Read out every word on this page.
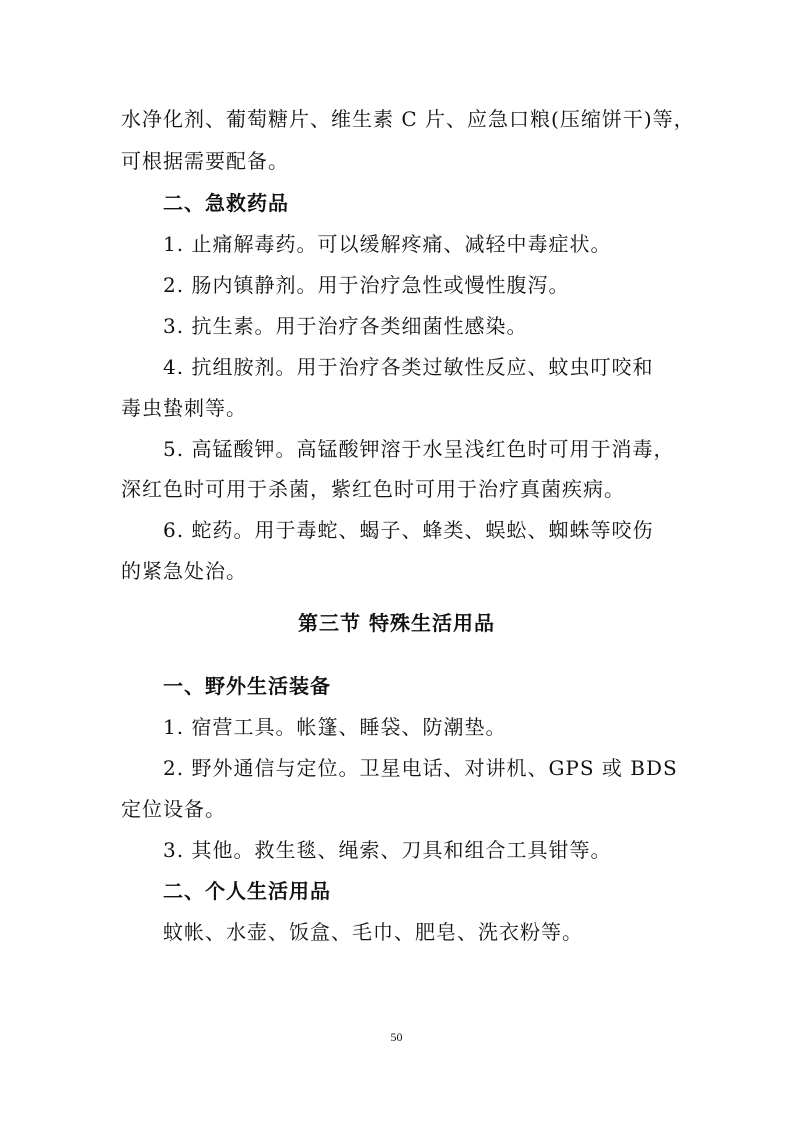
水净化剂、葡萄糖片、维生素 C 片、应急口粮(压缩饼干)等，
可根据需要配备。
二、急救药品
1. 止痛解毒药。可以缓解疼痛、减轻中毒症状。
2. 肠内镇静剂。用于治疗急性或慢性腹泻。
3. 抗生素。用于治疗各类细菌性感染。
4. 抗组胺剂。用于治疗各类过敏性反应、蚊虫叮咬和
毒虫蛰刺等。
5. 高锰酸钾。高锰酸钾溶于水呈浅红色时可用于消毒，
深红色时可用于杀菌，紫红色时可用于治疗真菌疾病。
6. 蛇药。用于毒蛇、蝎子、蜂类、蜈蚣、蜘蛛等咬伤
的紧急处治。
第三节 特殊生活用品
一、野外生活装备
1. 宿营工具。帐篷、睡袋、防潮垫。
2. 野外通信与定位。卫星电话、对讲机、GPS 或 BDS
定位设备。
3. 其他。救生毯、绳索、刀具和组合工具钳等。
二、个人生活用品
蚊帐、水壶、饭盒、毛巾、肥皂、洗衣粉等。
50
